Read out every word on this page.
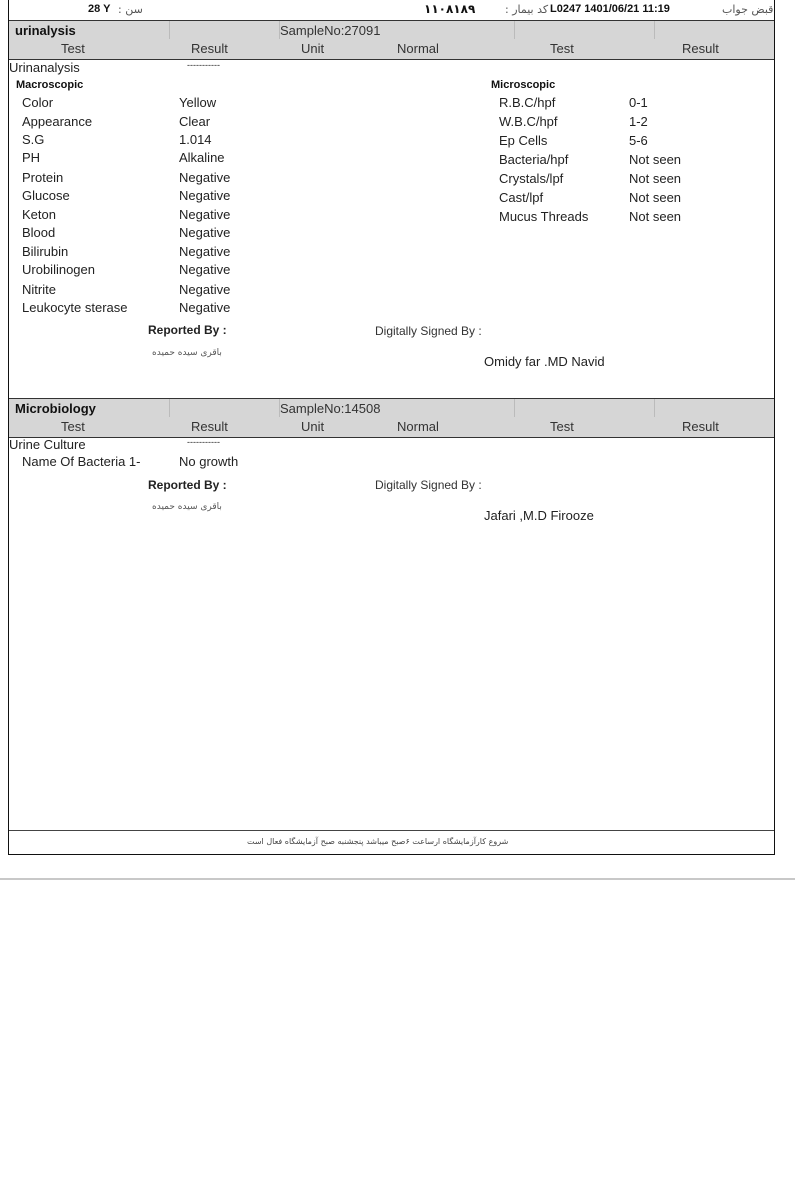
سن :
28 Y	کد بیمار :
۱۱۰۸۱۸۹	L0247 1401/06/21 11:19	قبض جواب
urinalysis	SampleNo:27091
Test	Result	Unit	Normal	Test	Result
Urinanalysis	-----------
Macroscopic
Color	Yellow
Appearance	Clear
S.G	1.014
PH	Alkaline
Protein	Negative
Glucose	Negative
Keton	Negative
Blood	Negative
Bilirubin	Negative
Urobilinogen	Negative
Nitrite	Negative
Leukocyte sterase	Negative
Microscopic
R.B.C/hpf	0-1
W.B.C/hpf	1-2
Ep Cells	5-6
Bacteria/hpf	Not seen
Crystals/lpf	Not seen
Cast/lpf	Not seen
Mucus Threads	Not seen
Reported By :
باقری سیده حمیده
Digitally Signed By :
Omidy far .MD Navid
Microbiology	SampleNo:14508
Test	Result	Unit	Normal	Test	Result
Urine Culture	-----------
Name Of Bacteria 1-	No growth
Reported By :
باقری سیده حمیده
Digitally Signed By :
Jafari ,M.D Firooze
شروع کارآزمایشگاه ارساعت ۶صبح میباشد پنجشنبه صبح آزمایشگاه فعال است
